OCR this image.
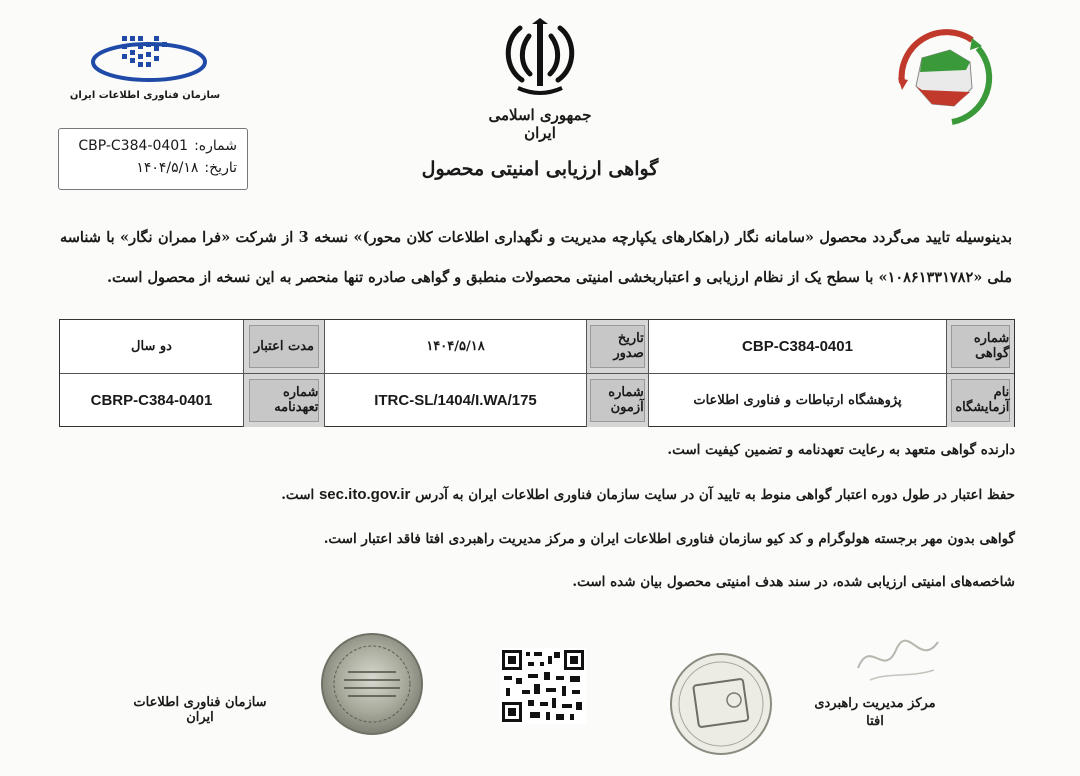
سازمان فناوری اطلاعات ایران
جمهوری اسلامی ایران
شماره:
CBP-C384-0401
تاریخ:
۱۴۰۴/۵/۱۸	گواهی ارزیابی امنیتی محصول
بدینوسیله تایید می‌گردد محصول «سامانه نگار (راهکارهای یکپارچه مدیریت و نگهداری اطلاعات کلان محور)» نسخه 3 از شرکت «فرا ممران نگار» با شناسه ملی «۱۰۸۶۱۳۳۱۷۸۲» با سطح یک از نظام ارزیابی و اعتبار‌بخشی امنیتی محصولات منطبق و گواهی صادره تنها منحصر به این نسخه از محصول است.
شماره گواهی
CBP-C384-0401
تاریخ صدور
۱۴۰۴/۵/۱۸
مدت اعتبار
دو سال
نام آزمایشگاه
پژوهشگاه ارتباطات و فناوری اطلاعات
شماره آزمون
ITRC-SL/1404/I.WA/175
شماره تعهدنامه
CBRP-C384-0401
دارنده گواهی متعهد به رعایت تعهدنامه و تضمین کیفیت است.
حفظ اعتبار در طول دوره اعتبار گواهی منوط به تایید آن در سایت سازمان فناوری اطلاعات ایران به آدرس sec.ito.gov.ir است.
گواهی بدون مهر برجسته هولوگرام و کد کیو سازمان فناوری اطلاعات ایران و مرکز مدیریت راهبردی افتا فاقد اعتبار است.
شاخصه‌های امنیتی ارزیابی شده، در سند هدف امنیتی محصول بیان شده است.
سازمان فناوری اطلاعات ایران
مرکز مدیریت راهبردی
افتا
